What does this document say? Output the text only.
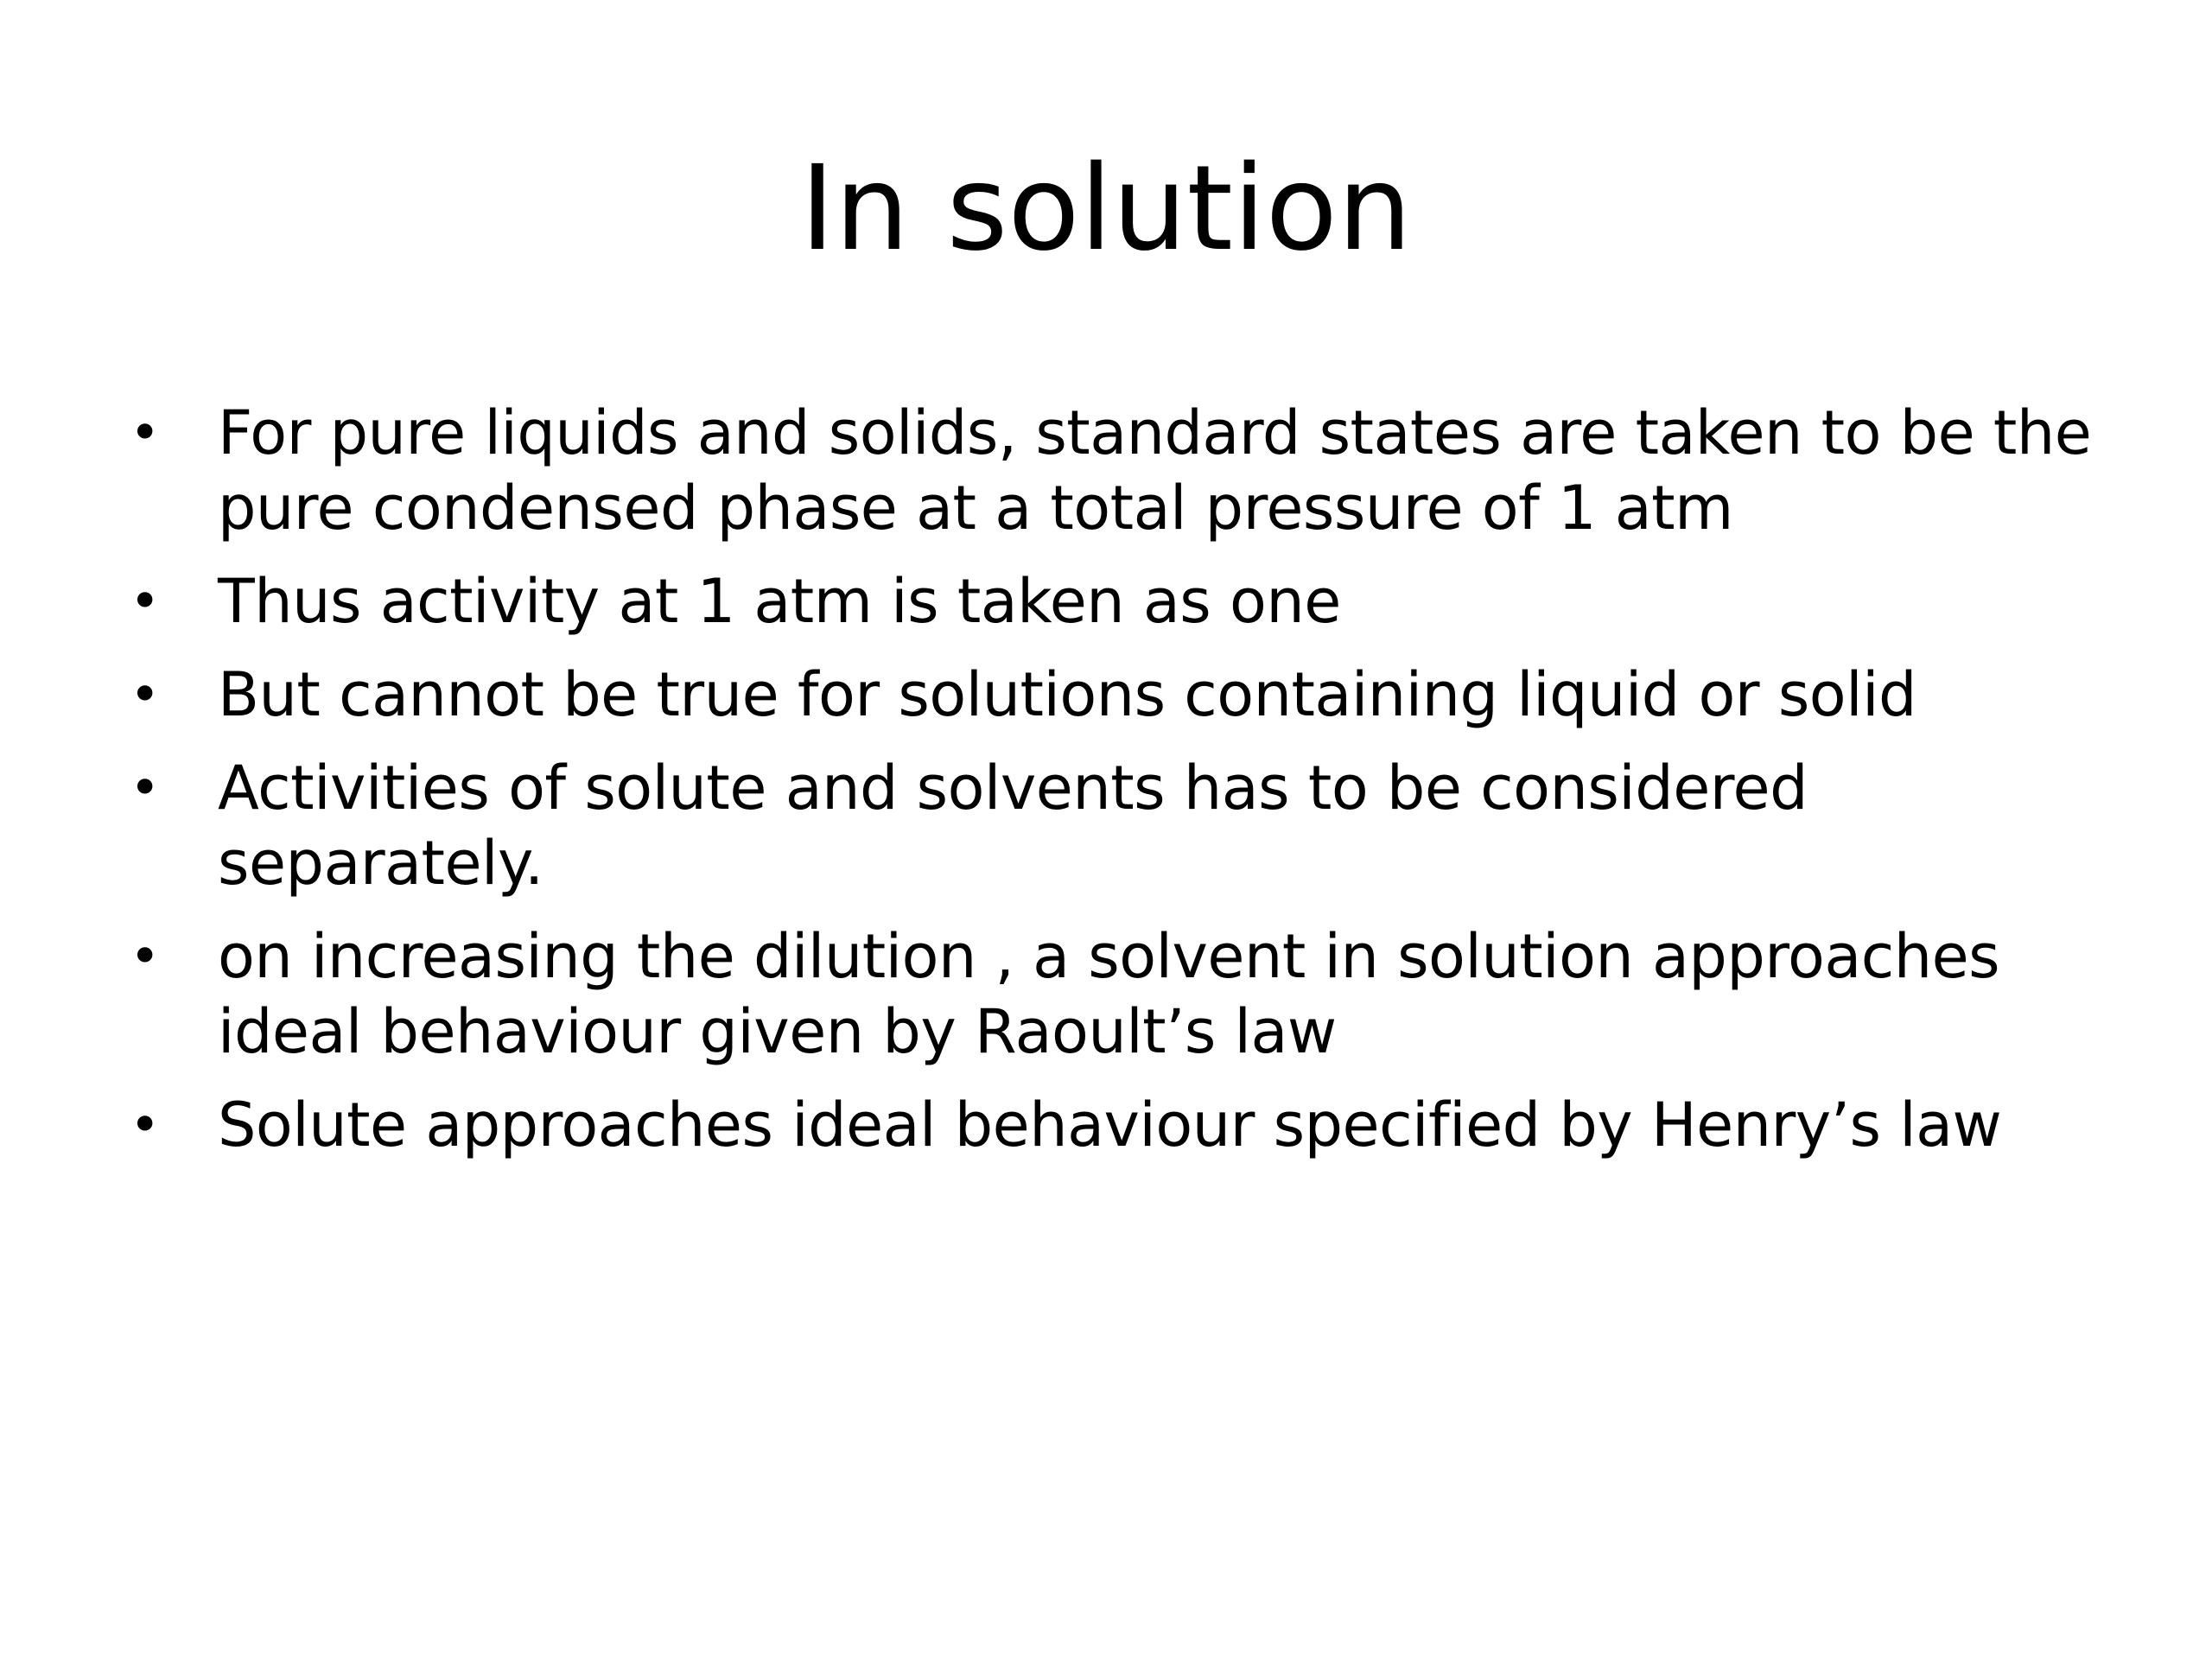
In solution
• For pure liquids and solids, standard states are taken to be the pure condensed phase at a total pressure of 1 atm
• Thus activity at 1 atm is taken as one
• But cannot be true for solutions containing liquid or solid
• Activities of solute and solvents has to be considered separately.
• on increasing the dilution , a solvent in solution approaches ideal behaviour given by Raoult’s law
• Solute approaches ideal behaviour specified by Henry’s law
